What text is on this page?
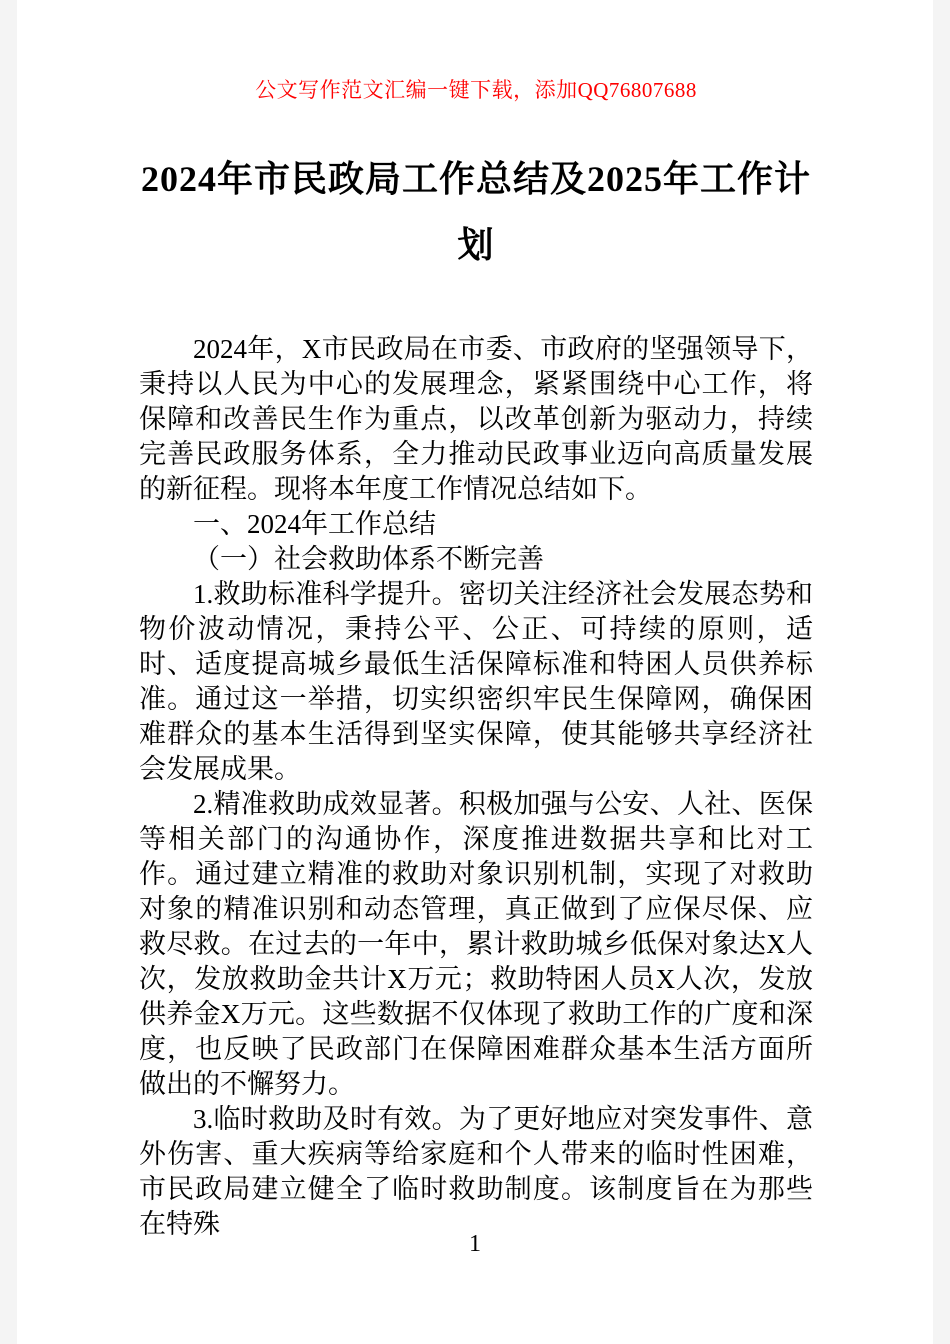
公文写作范文汇编一键下载，添加QQ76807688
2024年市民政局工作总结及2025年工作计划

2024年，X市民政局在市委、市政府的坚强领导下，秉持以人民为中心的发展理念，紧紧围绕中心工作，将保障和改善民生作为重点，以改革创新为驱动力，持续完善民政服务体系，全力推动民政事业迈向高质量发展的新征程。现将本年度工作情况总结如下。

一、2024年工作总结

（一）社会救助体系不断完善

1.救助标准科学提升。密切关注经济社会发展态势和物价波动情况，秉持公平、公正、可持续的原则，适时、适度提高城乡最低生活保障标准和特困人员供养标准。通过这一举措，切实织密织牢民生保障网，确保困难群众的基本生活得到坚实保障，使其能够共享经济社会发展成果。

2.精准救助成效显著。积极加强与公安、人社、医保等相关部门的沟通协作，深度推进数据共享和比对工作。通过建立精准的救助对象识别机制，实现了对救助对象的精准识别和动态管理，真正做到了应保尽保、应救尽救。在过去的一年中，累计救助城乡低保对象达X人次，发放救助金共计X万元；救助特困人员X人次，发放供养金X万元。这些数据不仅体现了救助工作的广度和深度，也反映了民政部门在保障困难群众基本生活方面所做出的不懈努力。

3.临时救助及时有效。为了更好地应对突发事件、意外伤害、重大疾病等给家庭和个人带来的临时性困难，市民政局建立健全了临时救助制度。该制度旨在为那些在特殊

1
